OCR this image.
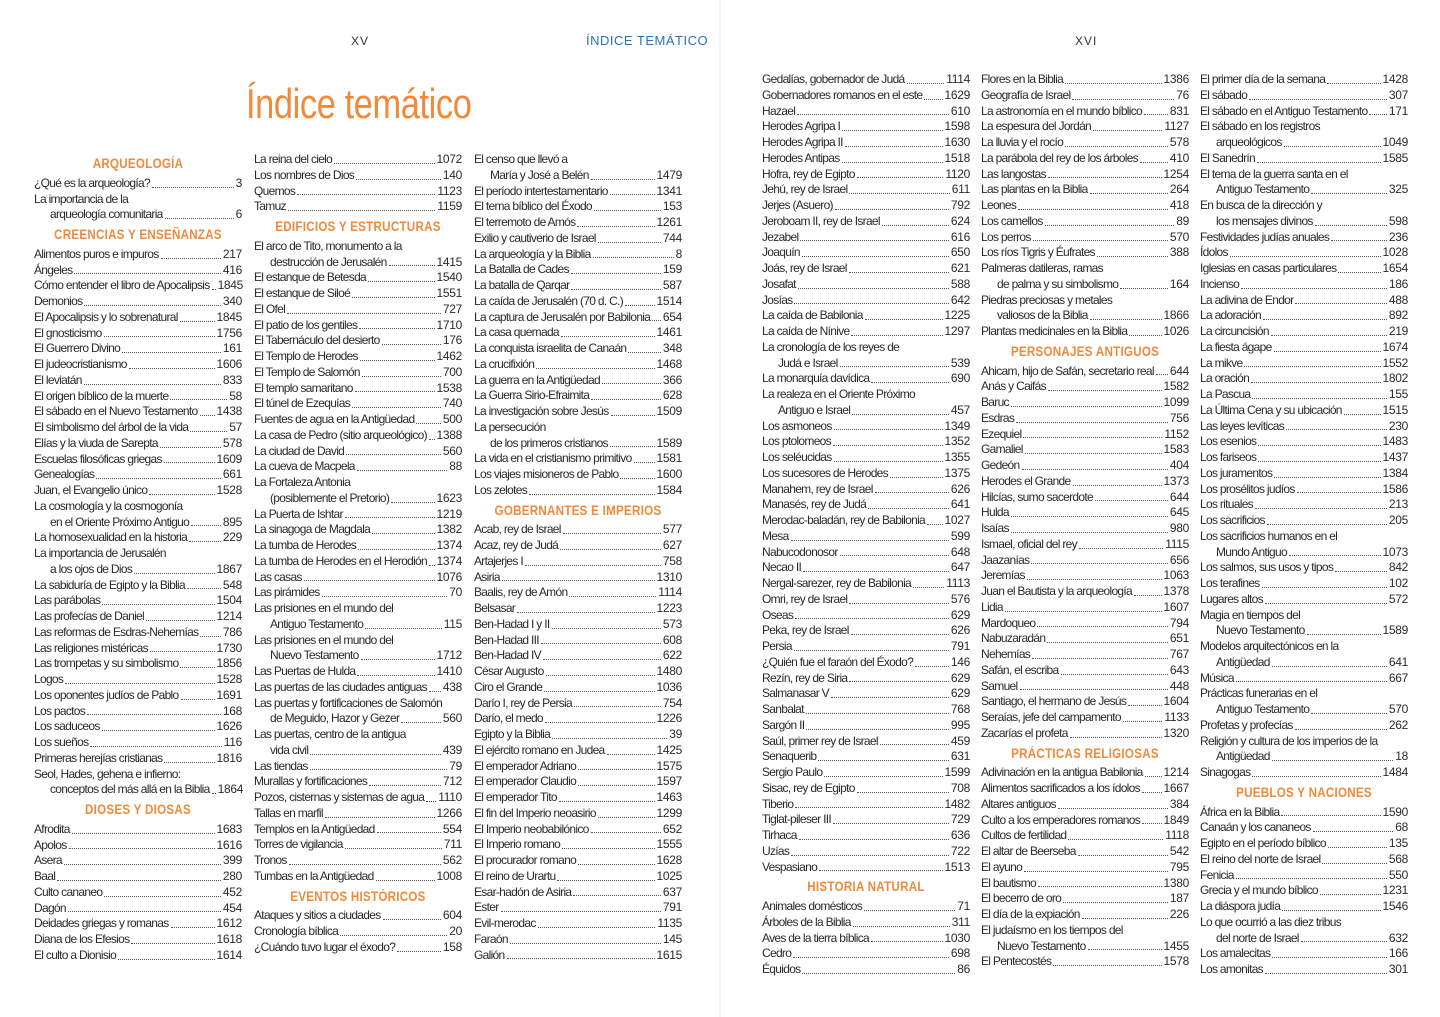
XV	ÍNDICE TEMÁTICO
Índice temático
ARQUEOLOGÍA
¿Qué es la arqueología?	3
La importancia de la
arqueología comunitaria	6
CREENCIAS Y ENSEÑANZAS
Alimentos puros e impuros	217
Ángeles	416
Cómo entender el libro de Apocalipsis 1845
Demonios	340
El Apocalipsis y lo sobrenatural	1845
El gnosticismo	1756
El Guerrero Divino	161
El judeocristianismo	1606
El leviatán	833
El origen bíblico de la muerte	58
El sábado en el Nuevo Testamento 1438
El simbolismo del árbol de la vida	57
Elías y la viuda de Sarepta	578
Escuelas filosóficas griegas	1609
Genealogías	661
Juan, el Evangelio único	1528
La cosmología y la cosmogonía
en el Oriente Próximo Antiguo	895
La homosexualidad en la historia	229
La importancia de Jerusalén
a los ojos de Dios	1867
La sabiduría de Egipto y la Biblia	548
Las parábolas	1504
Las profecías de Daniel	1214
Las reformas de Esdras-Nehemías 786
Las religiones mistéricas	1730
Las trompetas y su simbolismo	1856
Logos	1528
Los oponentes judíos de Pablo	1691
Los pactos	168
Los saduceos	1626
Los sueños	116
Primeras herejías cristianas	1816
Seol, Hades, gehena e infierno:
conceptos del más allá en la Biblia 1864
DIOSES Y DIOSAS
Afrodita	1683
Apolos	1616
Asera	399
Baal	280
Culto cananeo	452
Dagón	454
Deidades griegas y romanas	1612
Diana de los Efesios	1618
El culto a Dionisio	1614
La reina del cielo	1072
Los nombres de Dios	140
Quemos	1123
Tamuz	1159
EDIFICIOS Y ESTRUCTURAS
El arco de Tito, monumento a la
destrucción de Jerusalén	1415
El estanque de Betesda	1540
El estanque de Siloé	1551
El Ofel	727
El patio de los gentiles	1710
El Tabernáculo del desierto	176
El Templo de Herodes	1462
El Templo de Salomón	700
El templo samaritano	1538
El túnel de Ezequías	740
Fuentes de agua en la Antigüedad 500
La casa de Pedro (sitio arqueológico) 1388
La ciudad de David	560
La cueva de Macpela	88
La Fortaleza Antonia
(posiblemente el Pretorio)	1623
La Puerta de Ishtar	1219
La sinagoga de Magdala	1382
La tumba de Herodes	1374
La tumba de Herodes en el Herodión 1374
Las casas	1076
Las pirámides	70
Las prisiones en el mundo del
Antiguo Testamento	115
Las prisiones en el mundo del
Nuevo Testamento	1712
Las Puertas de Hulda	1410
Las puertas de las ciudades antiguas 438
Las puertas y fortificaciones de Salomón
de Meguido, Hazor y Gezer	560
Las puertas, centro de la antigua
vida civil	439
Las tiendas	79
Murallas y fortificaciones	712
Pozos, cisternas y sistemas de agua 1110
Tallas en marfil	1266
Templos en la Antigüedad	554
Torres de vigilancia	711
Tronos	562
Tumbas en la Antigüedad	1008
EVENTOS HISTÓRICOS
Ataques y sitios a ciudades	604
Cronología bíblica	20
¿Cuándo tuvo lugar el éxodo?	158
El censo que llevó a
María y José a Belén	1479
El período intertestamentario	1341
El tema bíblico del Éxodo	153
El terremoto de Amós	1261
Exilio y cautiverio de Israel	744
La arqueología y la Biblia	8
La Batalla de Cades	159
La batalla de Qarqar	587
La caída de Jerusalén (70 d. C.)	1514
La captura de Jerusalén por Babilonia 654
La casa quemada	1461
La conquista israelita de Canaán	348
La crucifixión	1468
La guerra en la Antigüedad	366
La Guerra Sirio-Efraimita	628
La investigación sobre Jesús	1509
La persecución
de los primeros cristianos	1589
La vida en el cristianismo primitivo 1581
Los viajes misioneros de Pablo	1600
Los zelotes	1584
GOBERNANTES E IMPERIOS
Acab, rey de Israel	577
Acaz, rey de Judá	627
Artajerjes I	758
Asiria	1310
Baalis, rey de Amón	1114
Belsasar	1223
Ben-Hadad I y II	573
Ben-Hadad III	608
Ben-Hadad IV	622
César Augusto	1480
Ciro el Grande	1036
Darío I, rey de Persia	754
Darío, el medo	1226
Egipto y la Biblia	39
El ejército romano en Judea	1425
El emperador Adriano	1575
El emperador Claudio	1597
El emperador Tito	1463
El fin del Imperio neoasirio	1299
El Imperio neobabilónico	652
El Imperio romano	1555
El procurador romano	1628
El reino de Urartu	1025
Esar-hadón de Asiria	637
Ester	791
Evil-merodac	1135
Faraón	145
Galión	1615
XVI
Gedalías, gobernador de Judá	1114
Gobernadores romanos en el este 1629
Hazael	610
Herodes Agripa I	1598
Herodes Agripa II	1630
Herodes Antipas	1518
Hofra, rey de Egipto	1120
Jehú, rey de Israel	611
Jerjes (Asuero)	792
Jeroboam II, rey de Israel	624
Jezabel	616
Joaquín	650
Joás, rey de Israel	621
Josafat	588
Josías	642
La caída de Babilonia	1225
La caída de Nínive	1297
La cronología de los reyes de
Judá e Israel	539
La monarquía davídica	690
La realeza en el Oriente Próximo
Antiguo e Israel	457
Los asmoneos	1349
Los ptolomeos	1352
Los seléucidas	1355
Los sucesores de Herodes	1375
Manahem, rey de Israel	626
Manasés, rey de Judá	641
Merodac-baladán, rey de Babilonia 1027
Mesa	599
Nabucodonosor	648
Necao II	647
Nergal-sarezer, rey de Babilonia	1113
Omri, rey de Israel	576
Oseas	629
Peka, rey de Israel	626
Persia	791
¿Quién fue el faraón del Éxodo?	146
Rezín, rey de Siria	629
Salmanasar V	629
Sanbalat	768
Sargón II	995
Saúl, primer rey de Israel	459
Senaquerib	631
Sergio Paulo	1599
Sisac, rey de Egipto	708
Tiberio	1482
Tiglat-pileser III	729
Tirhaca	636
Uzías	722
Vespasiano	1513
HISTORIA NATURAL
Animales domésticos	71
Árboles de la Biblia	311
Aves de la tierra bíblica	1030
Cedro	698
Équidos	86
Flores en la Biblia	1386
Geografía de Israel	76
La astronomía en el mundo bíblico 831
La espesura del Jordán	1127
La lluvia y el rocío	578
La parábola del rey de los árboles	410
Las langostas	1254
Las plantas en la Biblia	264
Leones	418
Los camellos	89
Los perros	570
Los ríos Tigris y Éufrates	388
Palmeras datileras, ramas
de palma y su simbolismo	164
Piedras preciosas y metales
valiosos de la Biblia	1866
Plantas medicinales en la Biblia	1026
PERSONAJES ANTIGUOS
Ahicam, hijo de Safán, secretario real 644
Anás y Caifás	1582
Baruc	1099
Esdras	756
Ezequiel	1152
Gamaliel	1583
Gedeón	404
Herodes el Grande	1373
Hilcías, sumo sacerdote	644
Hulda	645
Isaías	980
Ismael, oficial del rey	1115
Jaazanías	656
Jeremías	1063
Juan el Bautista y la arqueología	1378
Lidia	1607
Mardoqueo	794
Nabuzaradán	651
Nehemías	767
Safán, el escriba	643
Samuel	448
Santiago, el hermano de Jesús	1604
Seraías, jefe del campamento	1133
Zacarías el profeta	1320
PRÁCTICAS RELIGIOSAS
Adivinación en la antigua Babilonia 1214
Alimentos sacrificados a los ídolos 1667
Altares antiguos	384
Culto a los emperadores romanos 1849
Cultos de fertilidad	1118
El altar de Beerseba	542
El ayuno	795
El bautismo	1380
El becerro de oro	187
El día de la expiación	226
El judaísmo en los tiempos del
Nuevo Testamento	1455
El Pentecostés	1578
El primer día de la semana	1428
El sábado	307
El sábado en el Antiguo Testamento 171
El sábado en los registros
arqueológicos	1049
El Sanedrín	1585
El tema de la guerra santa en el
Antiguo Testamento	325
En busca de la dirección y
los mensajes divinos	598
Festividades judías anuales	236
Ídolos	1028
Iglesias en casas particulares	1654
Incienso	186
La adivina de Endor	488
La adoración	892
La circuncisión	219
La fiesta ágape	1674
La mikve	1552
La oración	1802
La Pascua	155
La Última Cena y su ubicación	1515
Las leyes levíticas	230
Los esenios	1483
Los fariseos	1437
Los juramentos	1384
Los prosélitos judíos	1586
Los rituales	213
Los sacrificios	205
Los sacrificios humanos en el
Mundo Antiguo	1073
Los salmos, sus usos y tipos	842
Los terafines	102
Lugares altos	572
Magia en tiempos del
Nuevo Testamento	1589
Modelos arquitectónicos en la
Antigüedad	641
Música	667
Prácticas funerarias en el
Antiguo Testamento	570
Profetas y profecías	262
Religión y cultura de los imperios de la
Antigüedad	18
Sinagogas	1484
PUEBLOS Y NACIONES
África en la Biblia	1590
Canaán y los cananeos	68
Egipto en el período bíblico	135
El reino del norte de Israel	568
Fenicia	550
Grecia y el mundo bíblico	1231
La diáspora judía	1546
Lo que ocurrió a las diez tribus
del norte de Israel	632
Los amalecitas	166
Los amonitas	301
